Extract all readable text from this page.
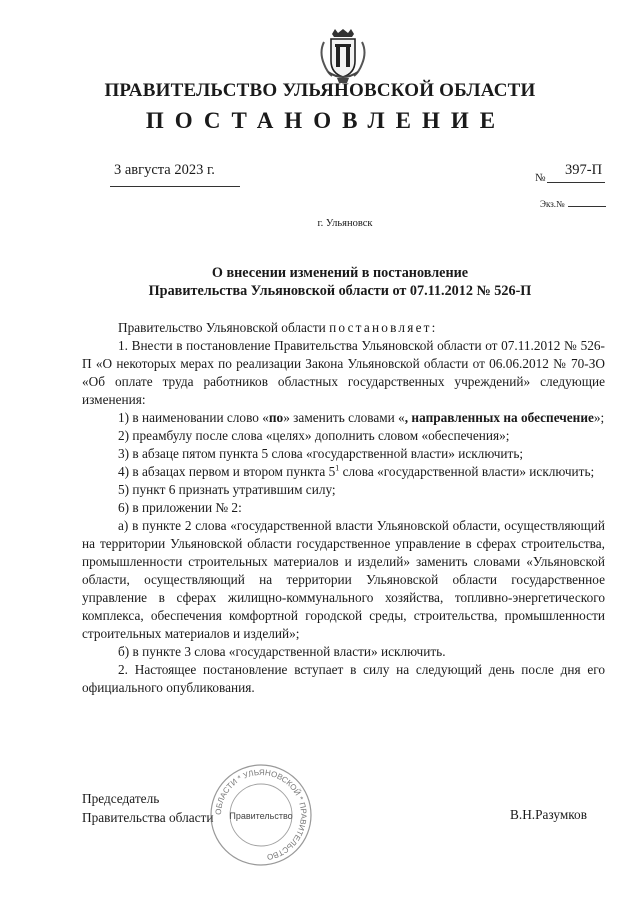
ПРАВИТЕЛЬСТВО УЛЬЯНОВСКОЙ ОБЛАСТИ
ПОСТАНОВЛЕНИЕ
3 августа 2023 г.	397-П
№
Экз.№
г. Ульяновск
О внесении изменений в постановление
Правительства Ульяновской области от 07.11.2012 № 526-П

Правительство Ульяновской области постановляет:

1. Внести в постановление Правительства Ульяновской области от 07.11.2012 № 526-П «О некоторых мерах по реализации Закона Ульяновской области от 06.06.2012 № 70-ЗО «Об оплате труда работников областных государственных учреждений» следующие изменения:

1) в наименовании слово «по» заменить словами «, направленных на обеспечение»;

2) преамбулу после слова «целях» дополнить словом «обеспечения»;

3) в абзаце пятом пункта 5 слова «государственной власти» исключить;

4) в абзацах первом и втором пункта $5^1$ слова «государственной власти» исключить;

5) пункт 6 признать утратившим силу;

6) в приложении № 2:

а) в пункте 2 слова «государственной власти Ульяновской области, осуществляющий на территории Ульяновской области государственное управление в сферах строительства, промышленности строительных материалов и изделий» заменить словами «Ульяновской области, осуществляющий на территории Ульяновской области государственное управление в сферах жилищно-коммунального хозяйства, топливно-энергетического комплекса, обеспечения комфортной городской среды, строительства, промышленности строительных материалов и изделий»;

б) в пункте 3 слова «государственной власти» исключить.

2. Настоящее постановление вступает в силу на следующий день после дня его официального опубликования.

Председатель
Правительства области	В.Н.Разумков
ОБЛАСТИ * УЛЬЯНОВСКОЙ * ПРАВИТЕЛЬСТВО
Правительство
